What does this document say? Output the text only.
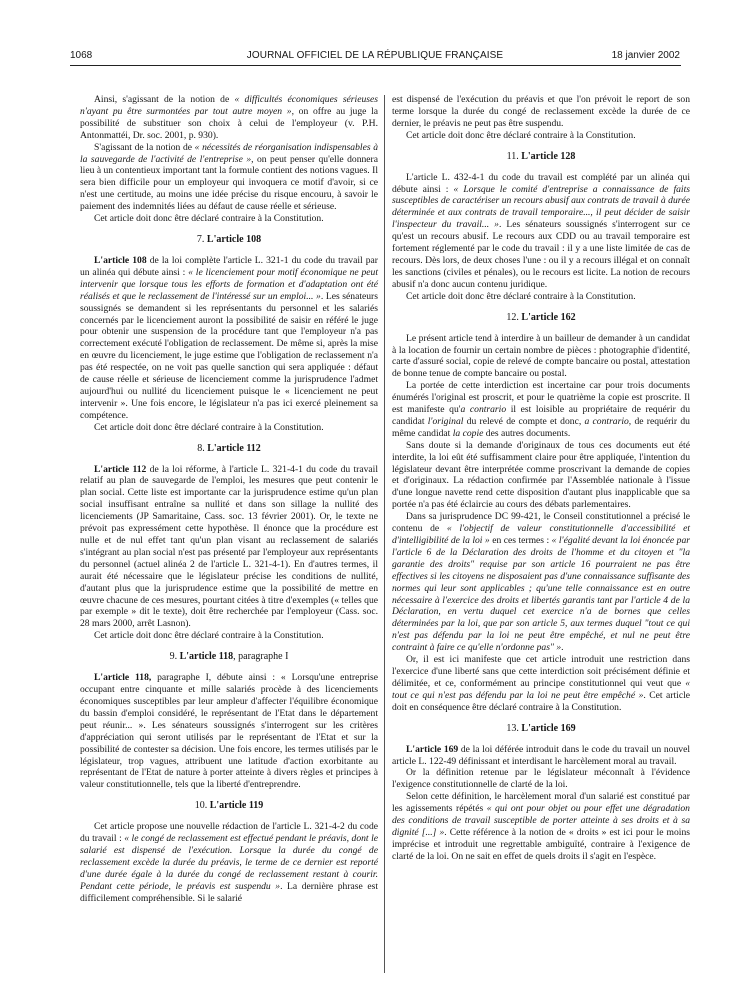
1068	JOURNAL OFFICIEL DE LA RÉPUBLIQUE FRANÇAISE	18 janvier 2002

Ainsi, s'agissant de la notion de « difficultés économiques sérieuses n'ayant pu être surmontées par tout autre moyen », on offre au juge la possibilité de substituer son choix à celui de l'employeur (v. P.H. Antonmattéi, Dr. soc. 2001, p. 930).

S'agissant de la notion de « nécessités de réorganisation indispensables à la sauvegarde de l'activité de l'entreprise », on peut penser qu'elle donnera lieu à un contentieux important tant la formule contient des notions vagues. Il sera bien difficile pour un employeur qui invoquera ce motif d'avoir, si ce n'est une certitude, au moins une idée précise du risque encouru, à savoir le paiement des indemnités liées au défaut de cause réelle et sérieuse.

Cet article doit donc être déclaré contraire à la Constitution.

7. L'article 108

L'article 108 de la loi complète l'article L. 321-1 du code du travail par un alinéa qui débute ainsi : « le licenciement pour motif économique ne peut intervenir que lorsque tous les efforts de formation et d'adaptation ont été réalisés et que le reclassement de l'intéressé sur un emploi... ». Les sénateurs soussignés se demandent si les représentants du personnel et les salariés concernés par le licenciement auront la possibilité de saisir en référé le juge pour obtenir une suspension de la procédure tant que l'employeur n'a pas correctement exécuté l'obligation de reclassement. De même si, après la mise en œuvre du licenciement, le juge estime que l'obligation de reclassement n'a pas été respectée, on ne voit pas quelle sanction qui sera appliquée : défaut de cause réelle et sérieuse de licenciement comme la jurisprudence l'admet aujourd'hui ou nullité du licenciement puisque le « licenciement ne peut intervenir ». Une fois encore, le législateur n'a pas ici exercé pleinement sa compétence.

Cet article doit donc être déclaré contraire à la Constitution.

8. L'article 112

L'article 112 de la loi réforme, à l'article L. 321-4-1 du code du travail relatif au plan de sauvegarde de l'emploi, les mesures que peut contenir le plan social. Cette liste est importante car la jurisprudence estime qu'un plan social insuffisant entraîne sa nullité et dans son sillage la nullité des licenciements (JP Samaritaine, Cass. soc. 13 février 2001). Or, le texte ne prévoit pas expressément cette hypothèse. Il énonce que la procédure est nulle et de nul effet tant qu'un plan visant au reclassement de salariés s'intégrant au plan social n'est pas présenté par l'employeur aux représentants du personnel (actuel alinéa 2 de l'article L. 321-4-1). En d'autres termes, il aurait été nécessaire que le législateur précise les conditions de nullité, d'autant plus que la jurisprudence estime que la possibilité de mettre en œuvre chacune de ces mesures, pourtant citées à titre d'exemples (« telles que par exemple » dit le texte), doit être recherchée par l'employeur (Cass. soc. 28 mars 2000, arrêt Lasnon).

Cet article doit donc être déclaré contraire à la Constitution.

9. L'article 118, paragraphe I

L'article 118, paragraphe I, débute ainsi : « Lorsqu'une entreprise occupant entre cinquante et mille salariés procède à des licenciements économiques susceptibles par leur ampleur d'affecter l'équilibre économique du bassin d'emploi considéré, le représentant de l'Etat dans le département peut réunir... ». Les sénateurs soussignés s'interrogent sur les critères d'appréciation qui seront utilisés par le représentant de l'Etat et sur la possibilité de contester sa décision. Une fois encore, les termes utilisés par le législateur, trop vagues, attribuent une latitude d'action exorbitante au représentant de l'Etat de nature à porter atteinte à divers règles et principes à valeur constitutionnelle, tels que la liberté d'entreprendre.

10. L'article 119

Cet article propose une nouvelle rédaction de l'article L. 321-4-2 du code du travail : « le congé de reclassement est effectué pendant le préavis, dont le salarié est dispensé de l'exécution. Lorsque la durée du congé de reclassement excède la durée du préavis, le terme de ce dernier est reporté d'une durée égale à la durée du congé de reclassement restant à courir. Pendant cette période, le préavis est suspendu ». La dernière phrase est difficilement compréhensible. Si le salarié

est dispensé de l'exécution du préavis et que l'on prévoit le report de son terme lorsque la durée du congé de reclassement excède la durée de ce dernier, le préavis ne peut pas être suspendu.

Cet article doit donc être déclaré contraire à la Constitution.

11. L'article 128

L'article L. 432-4-1 du code du travail est complété par un alinéa qui débute ainsi : « Lorsque le comité d'entreprise a connaissance de faits susceptibles de caractériser un recours abusif aux contrats de travail à durée déterminée et aux contrats de travail temporaire..., il peut décider de saisir l'inspecteur du travail... ». Les sénateurs soussignés s'interrogent sur ce qu'est un recours abusif. Le recours aux CDD ou au travail temporaire est fortement réglementé par le code du travail : il y a une liste limitée de cas de recours. Dès lors, de deux choses l'une : ou il y a recours illégal et on connaît les sanctions (civiles et pénales), ou le recours est licite. La notion de recours abusif n'a donc aucun contenu juridique.

Cet article doit donc être déclaré contraire à la Constitution.

12. L'article 162

Le présent article tend à interdire à un bailleur de demander à un candidat à la location de fournir un certain nombre de pièces : photographie d'identité, carte d'assuré social, copie de relevé de compte bancaire ou postal, attestation de bonne tenue de compte bancaire ou postal.

La portée de cette interdiction est incertaine car pour trois documents énumérés l'original est proscrit, et pour le quatrième la copie est proscrite. Il est manifeste qu'a contrario il est loisible au propriétaire de requérir du candidat l'original du relevé de compte et donc, a contrario, de requérir du même candidat la copie des autres documents.

Sans doute si la demande d'originaux de tous ces documents eut été interdite, la loi eût été suffisamment claire pour être appliquée, l'intention du législateur devant être interprétée comme proscrivant la demande de copies et d'originaux. La rédaction confirmée par l'Assemblée nationale à l'issue d'une longue navette rend cette disposition d'autant plus inapplicable que sa portée n'a pas été éclaircie au cours des débats parlementaires.

Dans sa jurisprudence DC 99-421, le Conseil constitutionnel a précisé le contenu de « l'objectif de valeur constitutionnelle d'accessibilité et d'intelligibilité de la loi » en ces termes : « l'égalité devant la loi énoncée par l'article 6 de la Déclaration des droits de l'homme et du citoyen et "la garantie des droits" requise par son article 16 pourraient ne pas être effectives si les citoyens ne disposaient pas d'une connaissance suffisante des normes qui leur sont applicables ; qu'une telle connaissance est en outre nécessaire à l'exercice des droits et libertés garantis tant par l'article 4 de la Déclaration, en vertu duquel cet exercice n'a de bornes que celles déterminées par la loi, que par son article 5, aux termes duquel "tout ce qui n'est pas défendu par la loi ne peut être empêché, et nul ne peut être contraint à faire ce qu'elle n'ordonne pas" ».

Or, il est ici manifeste que cet article introduit une restriction dans l'exercice d'une liberté sans que cette interdiction soit précisément définie et délimitée, et ce, conformément au principe constitutionnel qui veut que « tout ce qui n'est pas défendu par la loi ne peut être empêché ». Cet article doit en conséquence être déclaré contraire à la Constitution.

13. L'article 169

L'article 169 de la loi déférée introduit dans le code du travail un nouvel article L. 122-49 définissant et interdisant le harcèlement moral au travail.

Or la définition retenue par le législateur méconnaît à l'évidence l'exigence constitutionnelle de clarté de la loi.

Selon cette définition, le harcèlement moral d'un salarié est constitué par les agissements répétés « qui ont pour objet ou pour effet une dégradation des conditions de travail susceptible de porter atteinte à ses droits et à sa dignité [...] ». Cette référence à la notion de « droits » est ici pour le moins imprécise et introduit une regrettable ambiguïté, contraire à l'exigence de clarté de la loi. On ne sait en effet de quels droits il s'agit en l'espèce.
